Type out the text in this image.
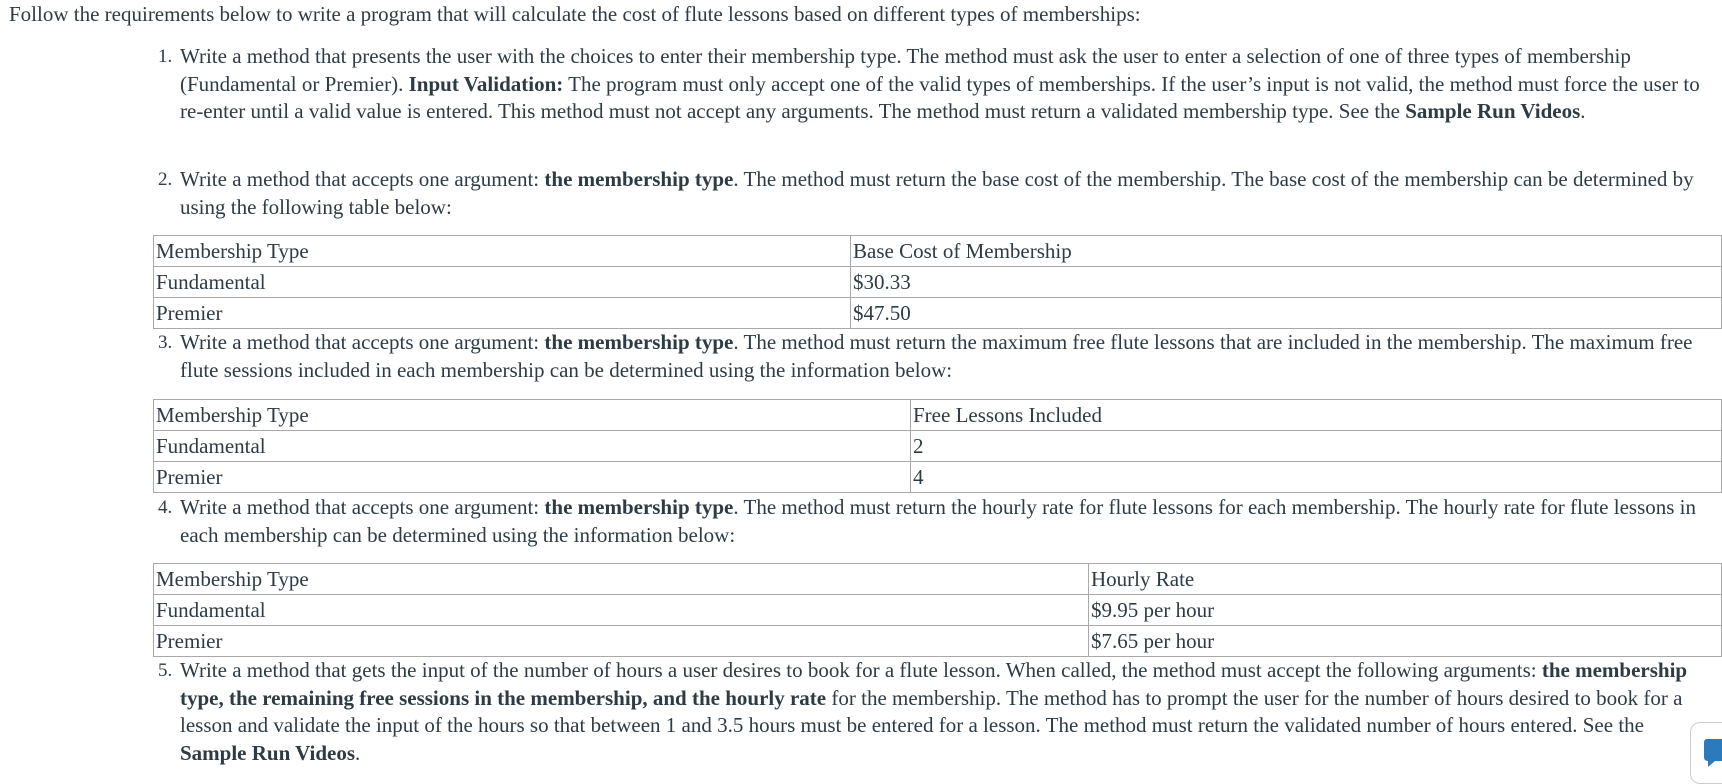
Follow the requirements below to write a program that will calculate the cost of flute lessons based on different types of memberships:

1. Write a method that presents the user with the choices to enter their membership type. The method must ask the user to enter a selection of one of three types of membership (Fundamental or Premier). Input Validation: The program must only accept one of the valid types of memberships. If the user’s input is not valid, the method must force the user to re-enter until a valid value is entered. This method must not accept any arguments. The method must return a validated membership type. See the Sample Run Videos.

2. Write a method that accepts one argument: the membership type. The method must return the base cost of the membership. The base cost of the membership can be determined by using the following table below:

Membership Type	Base Cost of Membership
Fundamental	$30.33
Premier	$47.50
3. Write a method that accepts one argument: the membership type. The method must return the maximum free flute lessons that are included in the membership. The maximum free flute sessions included in each membership can be determined using the information below:

Membership Type	Free Lessons Included
Fundamental	2
Premier	4
4. Write a method that accepts one argument: the membership type. The method must return the hourly rate for flute lessons for each membership. The hourly rate for flute lessons in each membership can be determined using the information below:

Membership Type	Hourly Rate
Fundamental	$9.95 per hour
Premier	$7.65 per hour
5. Write a method that gets the input of the number of hours a user desires to book for a flute lesson. When called, the method must accept the following arguments: the membership type, the remaining free sessions in the membership, and the hourly rate for the membership. The method has to prompt the user for the number of hours desired to book for a lesson and validate the input of the hours so that between 1 and 3.5 hours must be entered for a lesson. The method must return the validated number of hours entered. See the Sample Run Videos.
